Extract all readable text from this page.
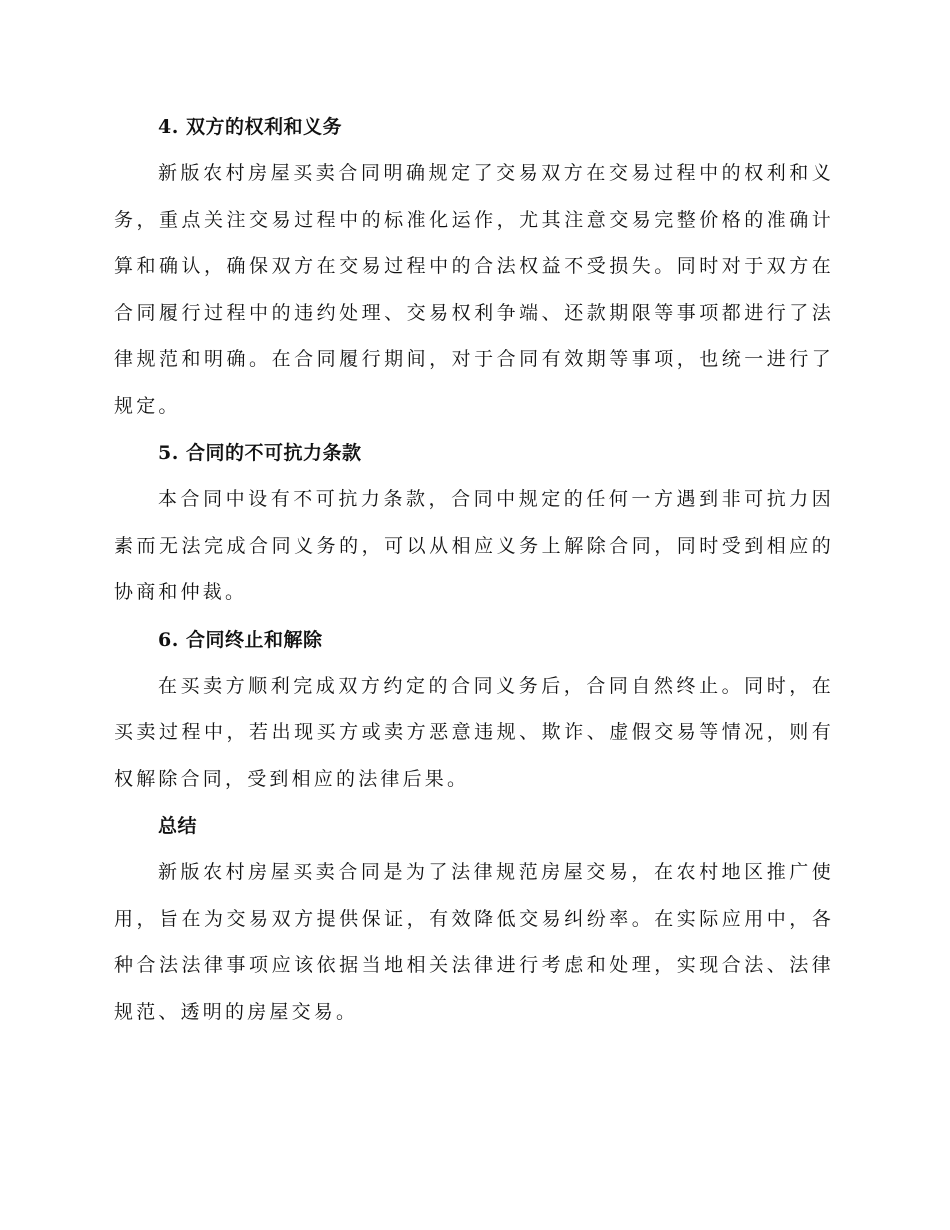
4. 双方的权利和义务

新版农村房屋买卖合同明确规定了交易双方在交易过程中的权利和义务，重点关注交易过程中的标准化运作，尤其注意交易完整价格的准确计算和确认，确保双方在交易过程中的合法权益不受损失。同时对于双方在合同履行过程中的违约处理、交易权利争端、还款期限等事项都进行了法律规范和明确。在合同履行期间，对于合同有效期等事项，也统一进行了规定。

5. 合同的不可抗力条款

本合同中设有不可抗力条款，合同中规定的任何一方遇到非可抗力因素而无法完成合同义务的，可以从相应义务上解除合同，同时受到相应的协商和仲裁。

6. 合同终止和解除

在买卖方顺利完成双方约定的合同义务后，合同自然终止。同时，在买卖过程中，若出现买方或卖方恶意违规、欺诈、虚假交易等情况，则有权解除合同，受到相应的法律后果。

总结

新版农村房屋买卖合同是为了法律规范房屋交易，在农村地区推广使用，旨在为交易双方提供保证，有效降低交易纠纷率。在实际应用中，各种合法法律事项应该依据当地相关法律进行考虑和处理，实现合法、法律规范、透明的房屋交易。
